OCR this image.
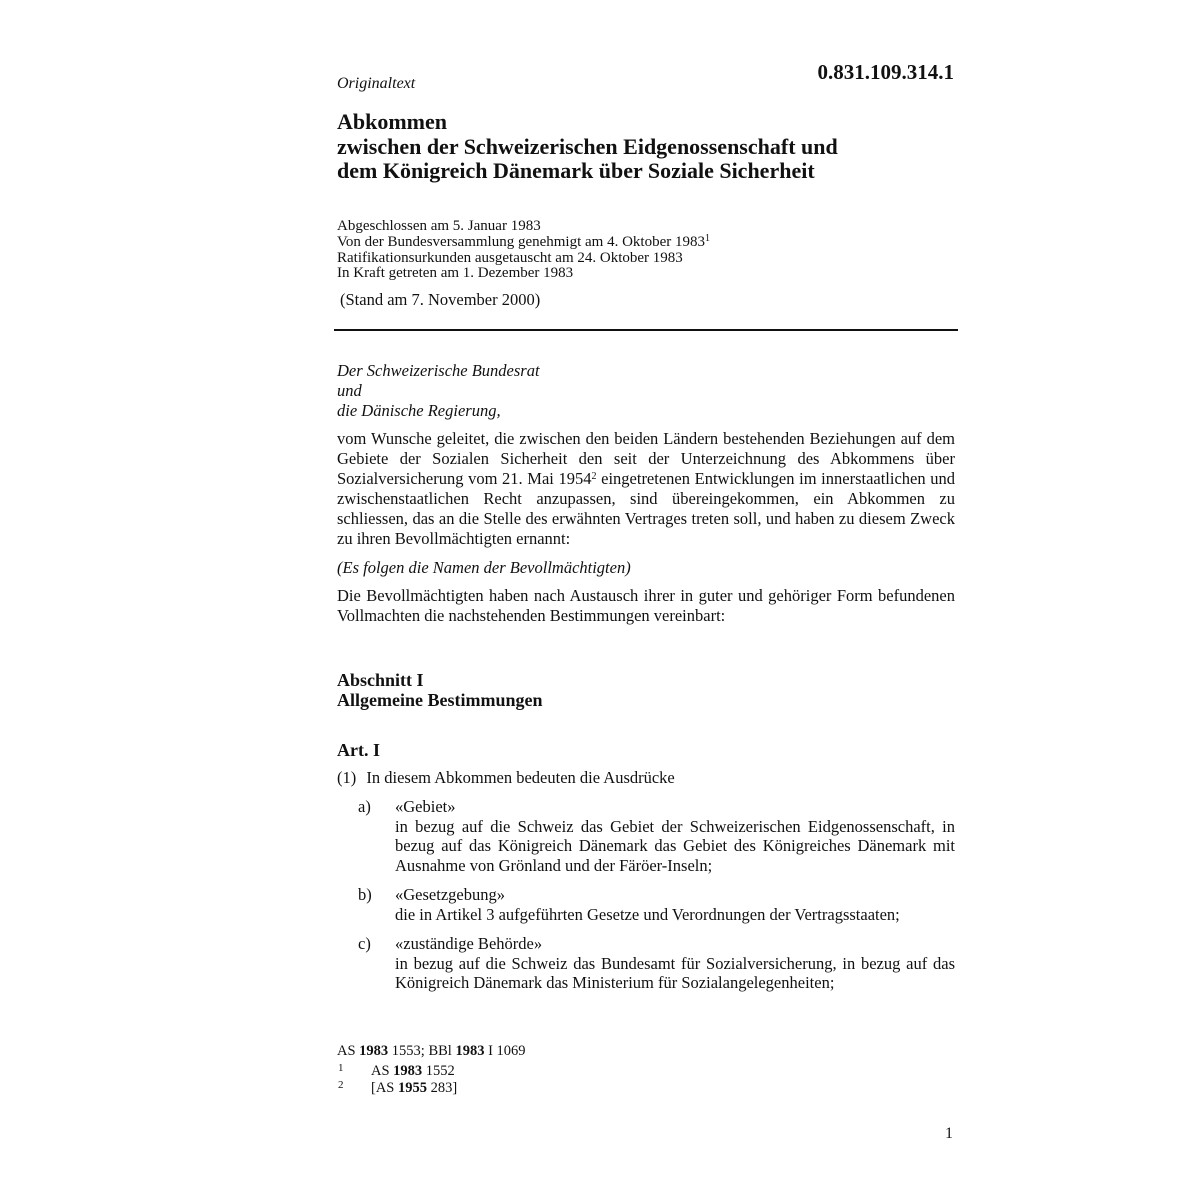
0.831.109.314.1
Originaltext
Abkommen
zwischen der Schweizerischen Eidgenossenschaft und
dem Königreich Dänemark über Soziale Sicherheit
Abgeschlossen am 5. Januar 1983
Von der Bundesversammlung genehmigt am 4. Oktober 1983$^1$
Ratifikationsurkunden ausgetauscht am 24. Oktober 1983
In Kraft getreten am 1. Dezember 1983
(Stand am 7. November 2000)
Der Schweizerische Bundesrat
und
die Dänische Regierung,
vom Wunsche geleitet, die zwischen den beiden Ländern bestehenden Beziehungen auf dem Gebiete der Sozialen Sicherheit den seit der Unterzeichnung des Abkommens über Sozialversicherung vom 21. Mai 1954$^2$ eingetretenen Entwicklungen im innerstaatlichen und zwischenstaatlichen Recht anzupassen, sind übereingekommen, ein Abkommen zu schliessen, das an die Stelle des erwähnten Vertrages treten soll, und haben zu diesem Zweck zu ihren Bevollmächtigten ernannt:
(Es folgen die Namen der Bevollmächtigten)
Die Bevollmächtigten haben nach Austausch ihrer in guter und gehöriger Form befundenen Vollmachten die nachstehenden Bestimmungen vereinbart:
Abschnitt I
Allgemeine Bestimmungen
Art. I
(1) In diesem Abkommen bedeuten die Ausdrücke
a) «Gebiet»
in bezug auf die Schweiz das Gebiet der Schweizerischen Eidgenossenschaft, in bezug auf das Königreich Dänemark das Gebiet des Königreiches Dänemark mit Ausnahme von Grönland und der Färöer-Inseln;
b) «Gesetzgebung»
die in Artikel 3 aufgeführten Gesetze und Verordnungen der Vertragsstaaten;
c) «zuständige Behörde»
in bezug auf die Schweiz das Bundesamt für Sozialversicherung, in bezug auf das Königreich Dänemark das Ministerium für Sozialangelegenheiten;
AS 1983 1553; BBl 1983 I 1069
1 AS 1983 1552
2 [AS 1955 283]
1
